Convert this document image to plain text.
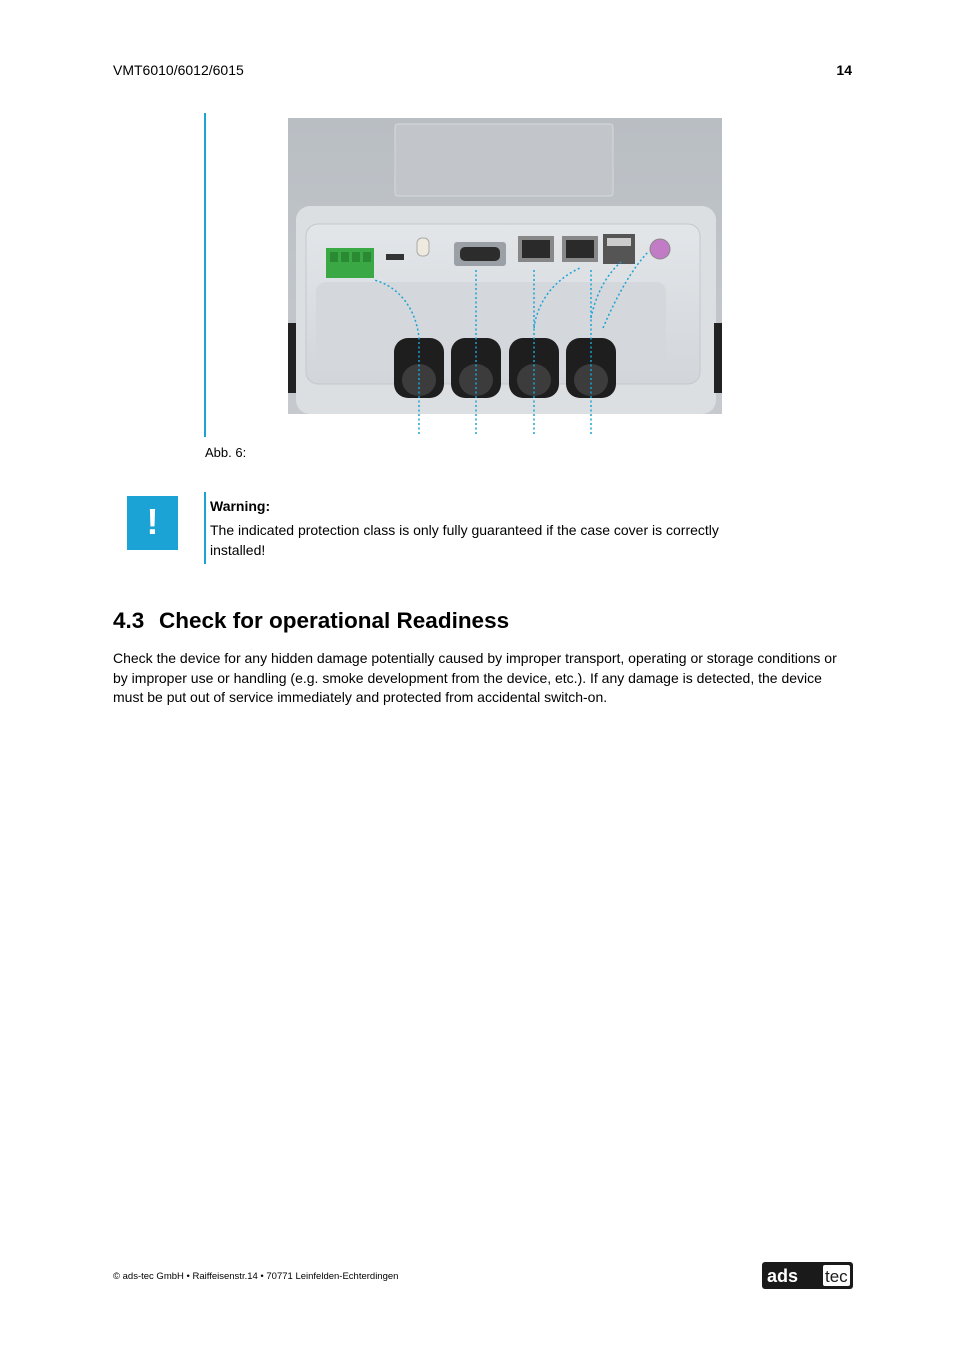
VMT6010/6012/6015	14
Abb. 6:
!	Warning:
The indicated protection class is only fully guaranteed if the case cover is correctly installed!
4.3 Check for operational Readiness
Check the device for any hidden damage potentially caused by improper transport, operating or storage conditions or by improper use or handling (e.g. smoke development from the device, etc.). If any damage is detected, the device must be put out of service immediately and protected from accidental switch-on.
© ads-tec GmbH • Raiffeisenstr.14 • 70771 Leinfelden-Echterdingen	ads tec
